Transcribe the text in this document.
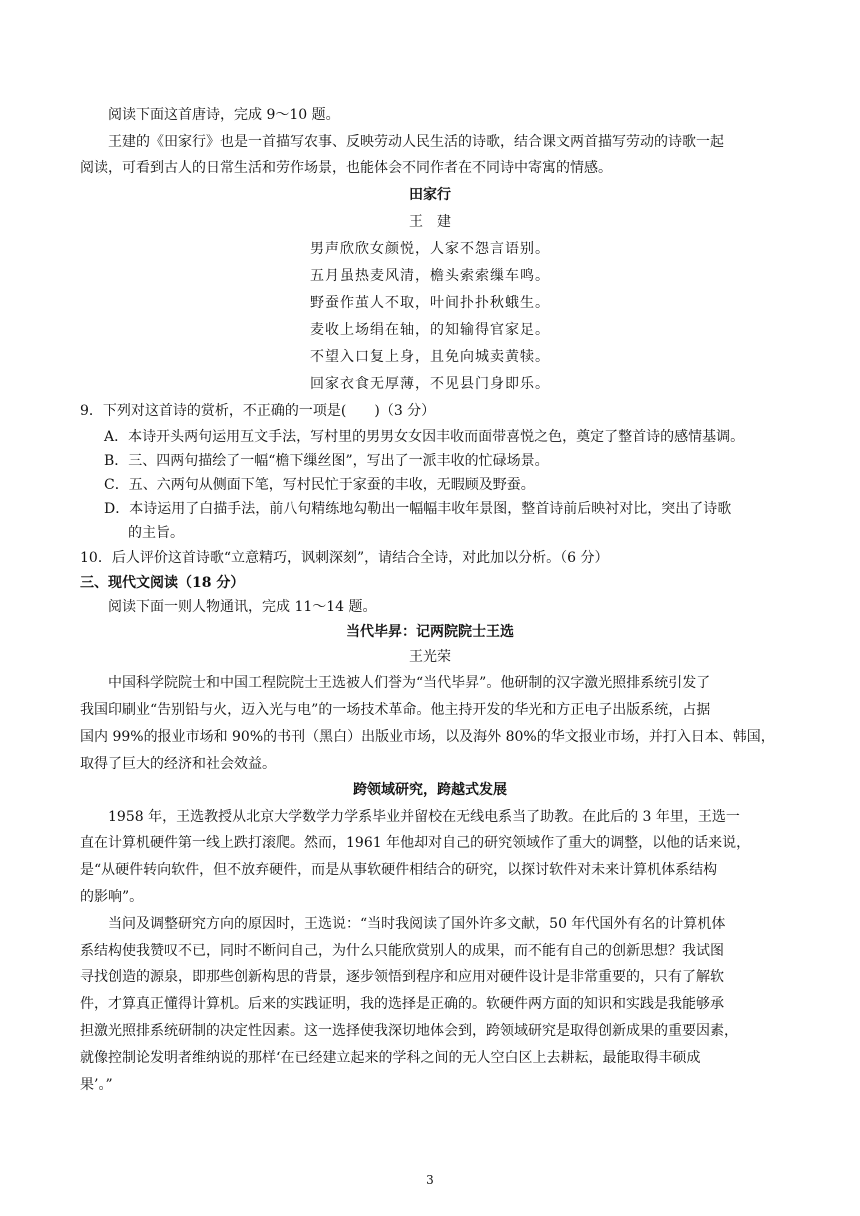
阅读下面这首唐诗，完成 9～10 题。
王建的《田家行》也是一首描写农事、反映劳动人民生活的诗歌，结合课文两首描写劳动的诗歌一起
阅读，可看到古人的日常生活和劳作场景，也能体会不同作者在不同诗中寄寓的情感。
田家行
王　建
男声欣欣女颜悦，人家不怨言语别。
五月虽热麦风清，檐头索索缫车鸣。
野蚕作茧人不取，叶间扑扑秋蛾生。
麦收上场绢在轴，的知输得官家足。
不望入口复上身，且免向城卖黄犊。
回家衣食无厚薄，不见县门身即乐。
9．下列对这首诗的赏析，不正确的一项是(　　)（3 分）
A．本诗开头两句运用互文手法，写村里的男男女女因丰收而面带喜悦之色，奠定了整首诗的感情基调。
B．三、四两句描绘了一幅“檐下缫丝图”，写出了一派丰收的忙碌场景。
C．五、六两句从侧面下笔，写村民忙于家蚕的丰收，无暇顾及野蚕。
D．本诗运用了白描手法，前八句精练地勾勒出一幅幅丰收年景图，整首诗前后映衬对比，突出了诗歌
的主旨。
10．后人评价这首诗歌“立意精巧，讽刺深刻”，请结合全诗，对此加以分析。（6 分）
三、现代文阅读（18 分）
阅读下面一则人物通讯，完成 11～14 题。
当代毕昇：记两院院士王选
王光荣
中国科学院院士和中国工程院院士王选被人们誉为“当代毕昇”。他研制的汉字激光照排系统引发了
我国印刷业“告别铅与火，迈入光与电”的一场技术革命。他主持开发的华光和方正电子出版系统，占据
国内 99%的报业市场和 90%的书刊（黑白）出版业市场，以及海外 80%的华文报业市场，并打入日本、韩国，
取得了巨大的经济和社会效益。
跨领域研究，跨越式发展
1958 年，王选教授从北京大学数学力学系毕业并留校在无线电系当了助教。在此后的 3 年里，王选一
直在计算机硬件第一线上跌打滚爬。然而，1961 年他却对自己的研究领域作了重大的调整，以他的话来说，
是“从硬件转向软件，但不放弃硬件，而是从事软硬件相结合的研究，以探讨软件对未来计算机体系结构
的影响”。
当问及调整研究方向的原因时，王选说：“当时我阅读了国外许多文献，50 年代国外有名的计算机体
系结构使我赞叹不已，同时不断问自己，为什么只能欣赏别人的成果，而不能有自己的创新思想？我试图
寻找创造的源泉，即那些创新构思的背景，逐步领悟到程序和应用对硬件设计是非常重要的，只有了解软
件，才算真正懂得计算机。后来的实践证明，我的选择是正确的。软硬件两方面的知识和实践是我能够承
担激光照排系统研制的决定性因素。这一选择使我深切地体会到，跨领域研究是取得创新成果的重要因素，
就像控制论发明者维纳说的那样‘在已经建立起来的学科之间的无人空白区上去耕耘，最能取得丰硕成
果’。”
3
